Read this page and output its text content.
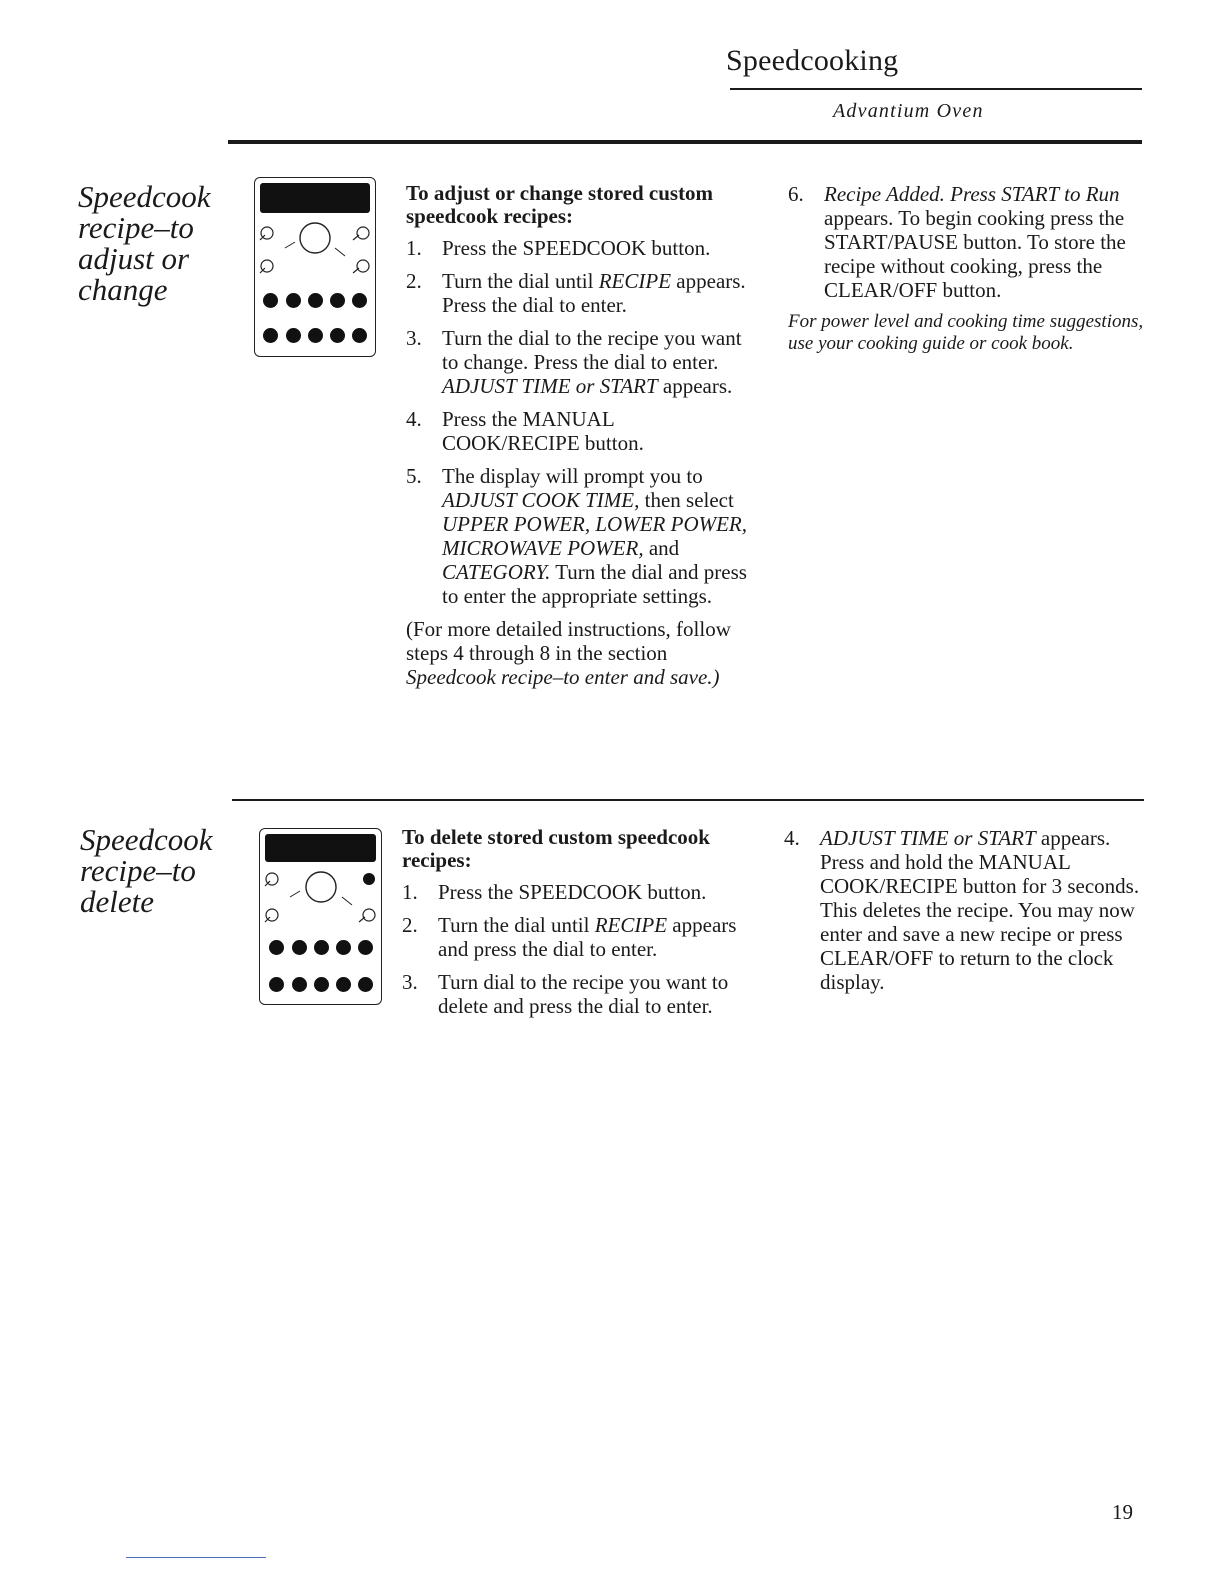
Speedcooking
Advantium Oven
Speedcook
recipe–to
adjust or
change

To adjust or change stored custom speedcook recipes:

1. Press the SPEEDCOOK button.
2. Turn the dial until RECIPE appears. Press the dial to enter.
3. Turn the dial to the recipe you want to change. Press the dial to enter. ADJUST TIME or START appears.
4. Press the MANUAL COOK/RECIPE button.
5. The display will prompt you to ADJUST COOK TIME, then select UPPER POWER, LOWER POWER, MICROWAVE POWER, and CATEGORY. Turn the dial and press to enter the appropriate settings.

(For more detailed instructions, follow steps 4 through 8 in the section Speedcook recipe–to enter and save.)

6. Recipe Added. Press START to Run appears. To begin cooking press the START/PAUSE button. To store the recipe without cooking, press the CLEAR/OFF button.

For power level and cooking time suggestions, use your cooking guide or cook book.

Speedcook
recipe–to
delete

To delete stored custom speedcook recipes:

1. Press the SPEEDCOOK button.
2. Turn the dial until RECIPE appears and press the dial to enter.
3. Turn dial to the recipe you want to delete and press the dial to enter.
4. ADJUST TIME or START appears. Press and hold the MANUAL COOK/RECIPE button for 3 seconds. This deletes the recipe. You may now enter and save a new recipe or press CLEAR/OFF to return to the clock display.
19
